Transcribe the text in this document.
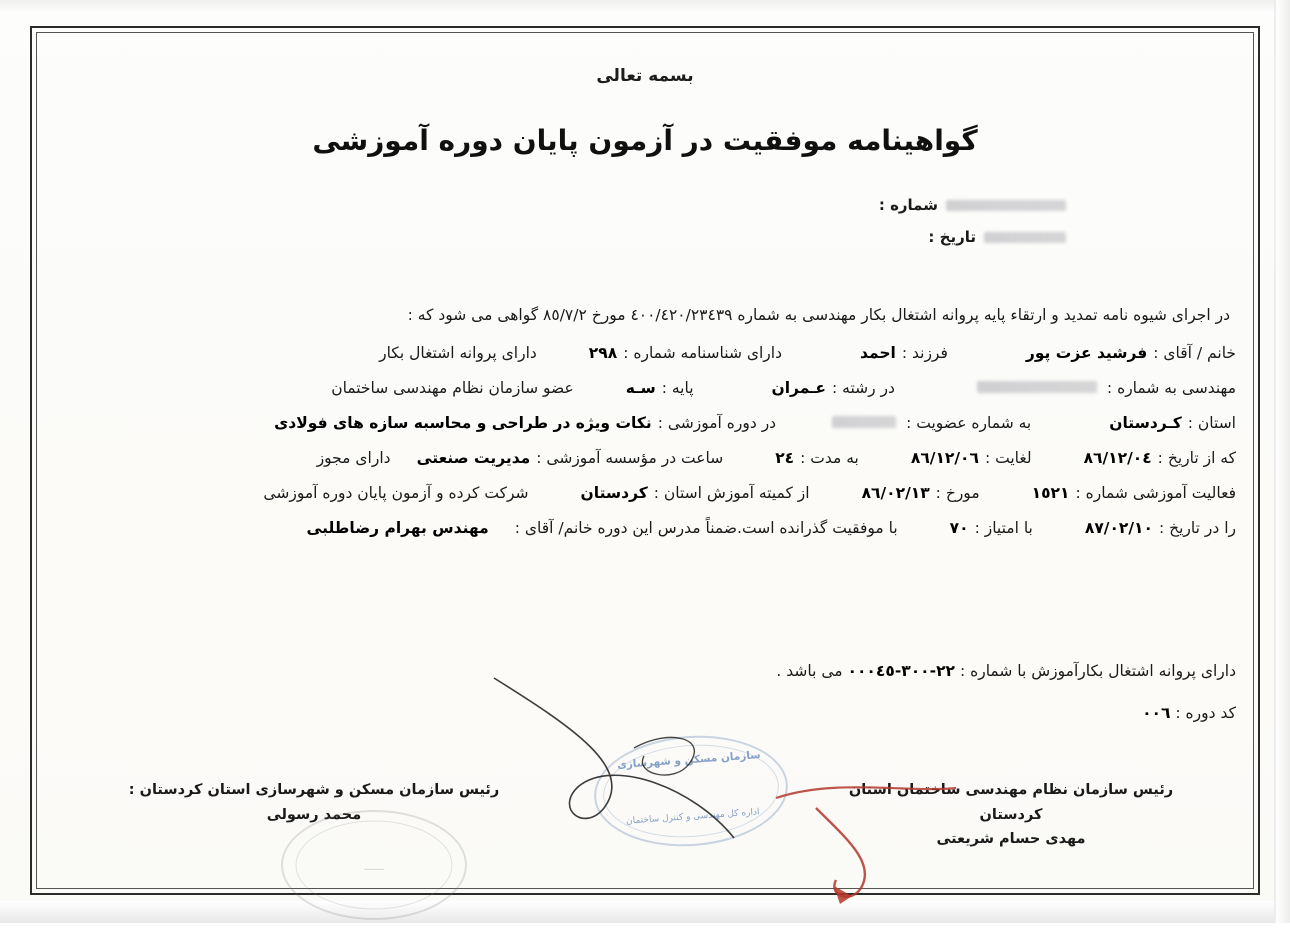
بسمه تعالی
گواهینامه موفقیت در آزمون پایان دوره آموزشی
شماره :
تاریخ :
در اجرای شیوه نامه تمدید و ارتقاء پایه پروانه اشتغال بکار مهندسی به شماره ٤٠٠/٤٢٠/٢٣٤٣٩ مورخ ٨٥/٧/٢ گواهی می شود که :
خانم / آقای :
فرشید عزت پور
فرزند :
احمد
دارای شناسنامه شماره :
٢٩٨
دارای پروانه اشتغال بکار
مهندسی به شماره :
در رشته :
عـمران
پایه :
سـه
عضو سازمان نظام مهندسی ساختمان
استان :
کـردستان
به شماره عضویت :
در دوره آموزشی :
نکات ویژه در طراحی و محاسبه سازه های فولادی
که از تاریخ :
٨٦/١٢/٠٤
لغایت :
٨٦/١٢/٠٦
به مدت :
٢٤
ساعت در مؤسسه آموزشی :
مدیریت صنعتی
دارای مجوز
فعالیت آموزشی شماره :
١٥٢١
مورخ :
٨٦/٠٢/١٣
از کمیته آموزش استان :
کردستان
شرکت کرده و آزمون پایان دوره آموزشی
را در تاریخ :
٨٧/٠٢/١٠
با امتیاز :
٧٠
با موفقیت گذرانده است.ضمناً مدرس این دوره خانم/ آقای :
مهندس بهرام رضاطلبی
دارای پروانه اشتغال بکارآموزش با شماره : ٢٢-٣٠٠-٠٠٠٤٥ می باشد .
کد دوره : ٠٠٦
سازمان مسکن و شهرسازی
اداره کل مهندسی و کنترل ساختمان
رئیس سازمان نظام مهندسی ساختمان استان کردستان
مهدی حسام شریعتی
رئیس سازمان مسکن و شهرسازی استان کردستان :
محمد رسولی
ـــــ
